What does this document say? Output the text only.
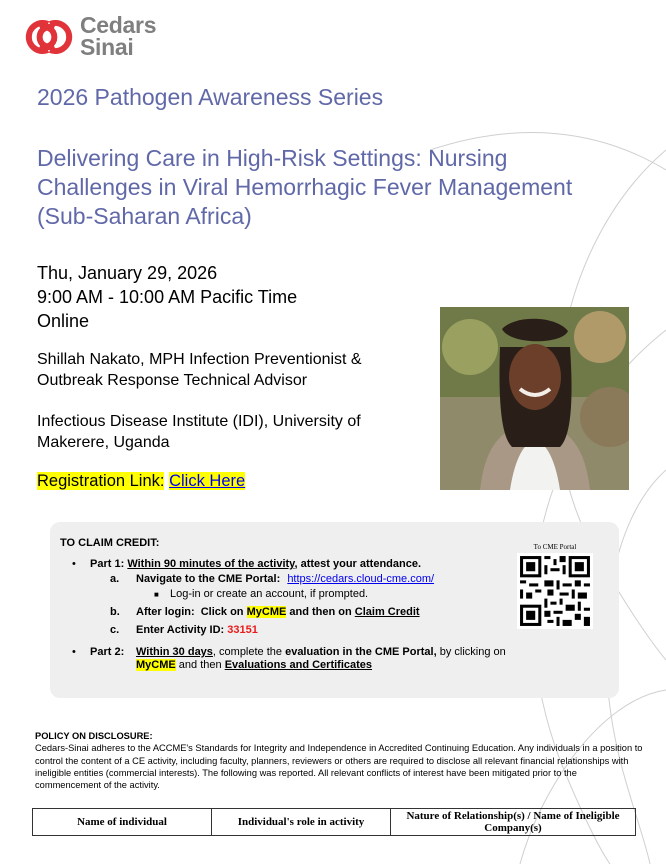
Cedars
Sinai
2026 Pathogen Awareness Series
Delivering Care in High-Risk Settings: Nursing Challenges in Viral Hemorrhagic Fever Management (Sub-Saharan Africa)
Thu, January 29, 2026
9:00 AM - 10:00 AM Pacific Time
Online
Shillah Nakato, MPH Infection Preventionist & Outbreak Response Technical Advisor
Infectious Disease Institute (IDI), University of Makerere, Uganda
Registration Link: Click Here
TO CLAIM CREDIT:
• Part 1: Within 90 minutes of the activity, attest your attendance.
a. Navigate to the CME Portal: https://cedars.cloud-cme.com/
■ Log-in or create an account, if prompted.
b. After login: Click on MyCME and then on Claim Credit
c. Enter Activity ID: 33151
• Part 2: Within 30 days, complete the evaluation in the CME Portal, by clicking on MyCME and then Evaluations and Certificates
To CME Portal
POLICY ON DISCLOSURE:
Cedars-Sinai adheres to the ACCME's Standards for Integrity and Independence in Accredited Continuing Education. Any individuals in a position to control the content of a CE activity, including faculty, planners, reviewers or others are required to disclose all relevant financial relationships with ineligible entities (commercial interests). The following was reported. All relevant conflicts of interest have been mitigated prior to the commencement of the activity.
Name of individual	Individual's role in activity	Nature of Relationship(s) / Name of Ineligible Company(s)
